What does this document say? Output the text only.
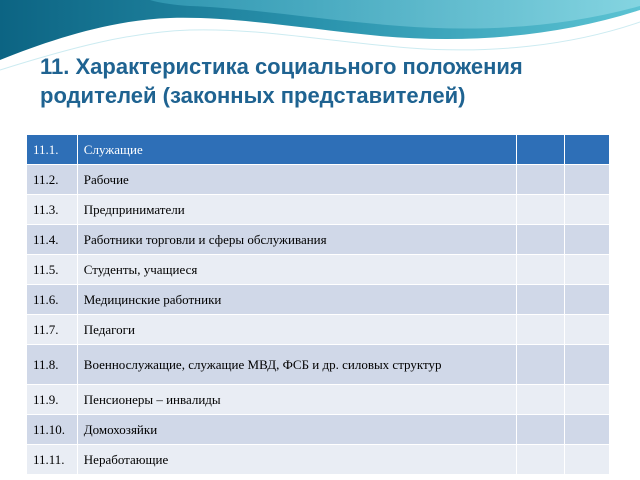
11. Характеристика социального положения родителей (законных представителей)
11.1.	Служащие		
11.2.	Рабочие		
11.3.	Предприниматели		
11.4.	Работники торговли и сферы обслуживания		
11.5.	Студенты, учащиеся		
11.6.	Медицинские работники		
11.7.	Педагоги		
11.8.	Военнослужащие, служащие МВД, ФСБ и др. силовых структур		
11.9.	Пенсионеры – инвалиды		
11.10.	Домохозяйки		
11.11.	Неработающие		
